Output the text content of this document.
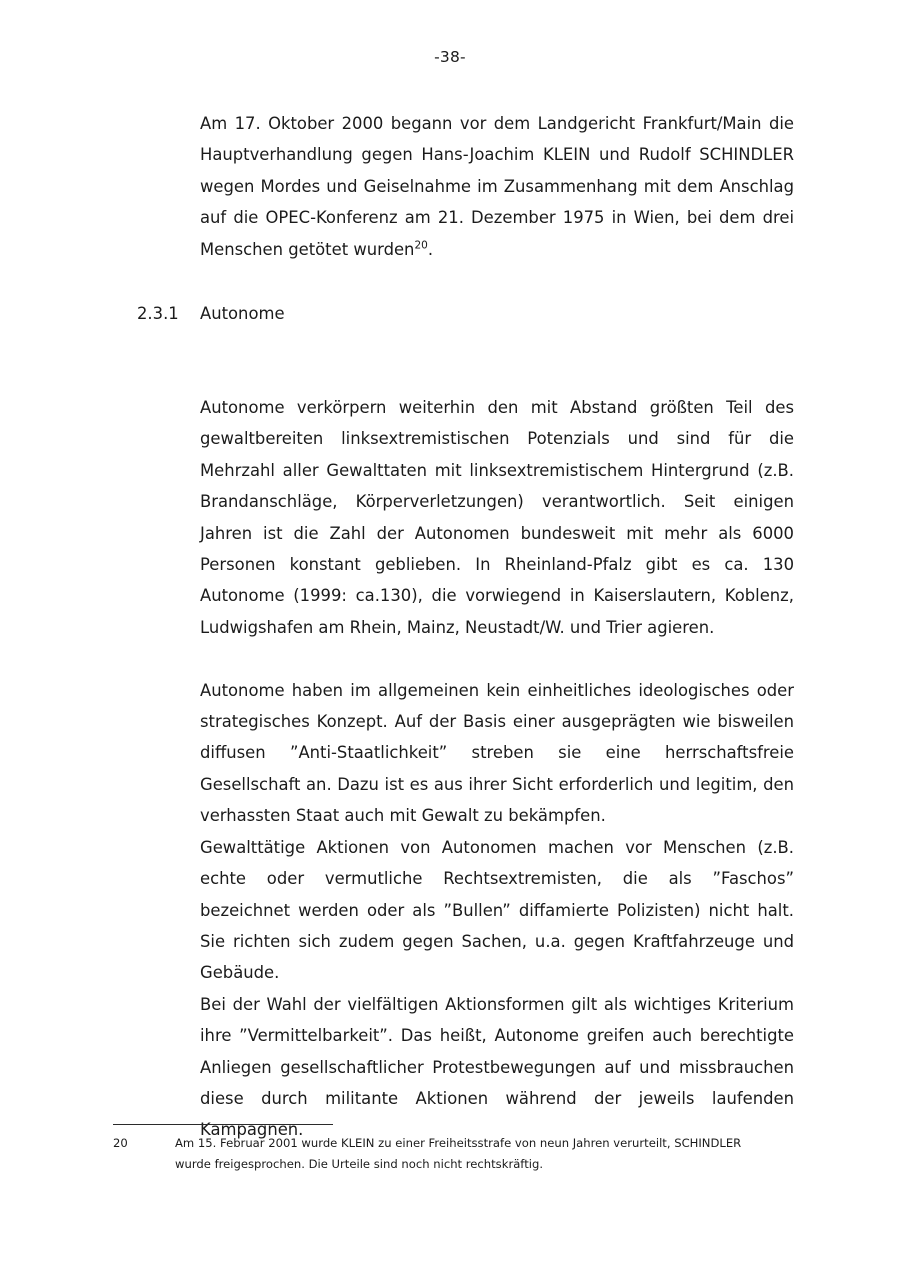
-38-

Am 17. Oktober 2000 begann vor dem Landgericht Frankfurt/Main die Hauptverhandlung gegen Hans-Joachim KLEIN und Rudolf SCHINDLER wegen Mordes und Geiselnahme im Zusammenhang mit dem Anschlag auf die OPEC-Konferenz am 21. Dezember 1975 in Wien, bei dem drei Menschen getötet wurden$^{20}$.

Autonome verkörpern weiterhin den mit Abstand größten Teil des gewaltbereiten linksextremistischen Potenzials und sind für die Mehrzahl aller Gewalttaten mit linksextremistischem Hintergrund (z.B. Brandanschläge, Körperverletzungen) verantwortlich. Seit einigen Jahren ist die Zahl der Autonomen bundesweit mit mehr als 6000 Personen konstant geblieben. In Rheinland-Pfalz gibt es ca. 130 Autonome (1999: ca.130), die vorwiegend in Kaiserslautern, Koblenz, Ludwigshafen am Rhein, Mainz, Neustadt/W. und Trier agieren.

Autonome haben im allgemeinen kein einheitliches ideologisches oder strategisches Konzept. Auf der Basis einer ausgeprägten wie bisweilen diffusen ”Anti-Staatlichkeit” streben sie eine herrschaftsfreie Gesellschaft an. Dazu ist es aus ihrer Sicht erforderlich und legitim, den verhassten Staat auch mit Gewalt zu bekämpfen.

Gewalttätige Aktionen von Autonomen machen vor Menschen (z.B. echte oder vermutliche Rechtsextremisten, die als ”Faschos” bezeichnet werden oder als ”Bullen” diffamierte Polizisten) nicht halt. Sie richten sich zudem gegen Sachen, u.a. gegen Kraftfahrzeuge und Gebäude.

Bei der Wahl der vielfältigen Aktionsformen gilt als wichtiges Kriterium ihre ”Vermittelbarkeit”. Das heißt, Autonome greifen auch berechtigte Anliegen gesellschaftlicher Protestbewegungen auf und missbrauchen diese durch militante Aktionen während der jeweils laufenden Kampagnen.

2.3.1 Autonome
20	Am 15. Februar 2001 wurde KLEIN zu einer Freiheitsstrafe von neun Jahren verurteilt, SCHINDLER wurde freigesprochen. Die Urteile sind noch nicht rechtskräftig.
